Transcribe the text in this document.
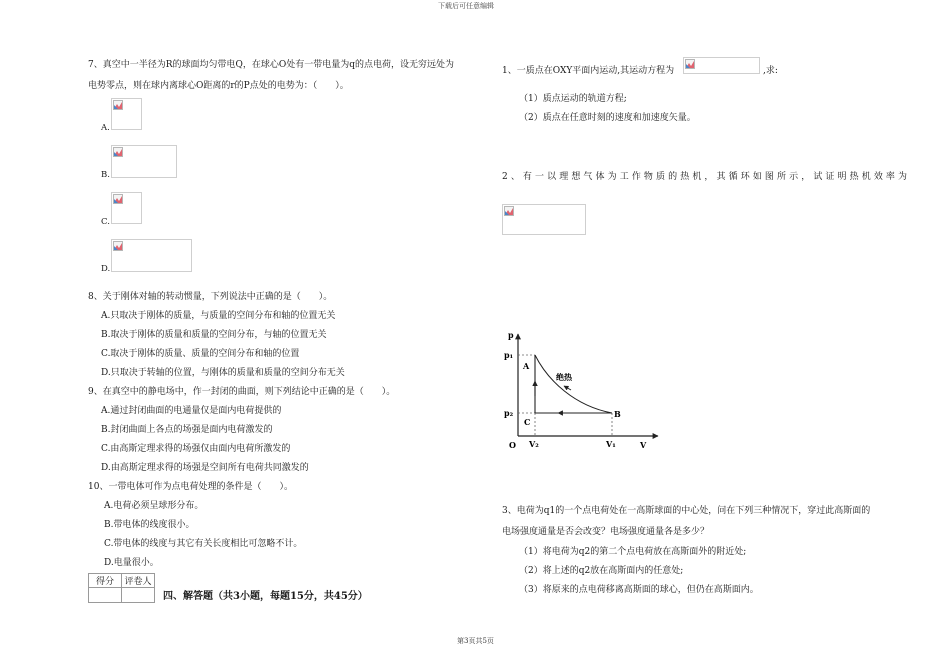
下载后可任意编辑
7、真空中一半径为R的球面均匀带电Q，在球心O处有一带电量为q的点电荷，设无穷远处为
电势零点，则在球内离球心O距离的r的P点处的电势为：（　　）。
A.
B.
C.
D.
8、关于刚体对轴的转动惯量，下列说法中正确的是（　　）。
A.只取决于刚体的质量，与质量的空间分布和轴的位置无关
B.取决于刚体的质量和质量的空间分布，与轴的位置无关
C.取决于刚体的质量、质量的空间分布和轴的位置
D.只取决于转轴的位置，与刚体的质量和质量的空间分布无关
9、在真空中的静电场中，作一封闭的曲面，则下列结论中正确的是（　　）。
A.通过封闭曲面的电通量仅是面内电荷提供的
B.封闭曲面上各点的场强是面内电荷激发的
C.由高斯定理求得的场强仅由面内电荷所激发的
D.由高斯定理求得的场强是空间所有电荷共同激发的
10、一带电体可作为点电荷处理的条件是（　　）。
A.电荷必须呈球形分布。
B.带电体的线度很小。
C.带电体的线度与其它有关长度相比可忽略不计。
D.电量很小。
得分	评卷人

四、解答题（共3小题，每题15分，共45分）
1、一质点在OXY平面内运动,其运动方程为	,求:
（1）质点运动的轨道方程;
（2）质点在任意时刻的速度和加速度矢量。
2、有一以理想气体为工作物质的热机，其循环如图所示，试证明热机效率为
p
V
O
p₁
p₂
V₂	V₁
A
B
C
绝热
3、电荷为q1的一个点电荷处在一高斯球面的中心处，问在下列三种情况下，穿过此高斯面的
电场强度通量是否会改变？电场强度通量各是多少？
（1）将电荷为q2的第二个点电荷放在高斯面外的附近处;
（2）将上述的q2放在高斯面内的任意处;
（3）将原来的点电荷移离高斯面的球心，但仍在高斯面内。
第3页共5页
